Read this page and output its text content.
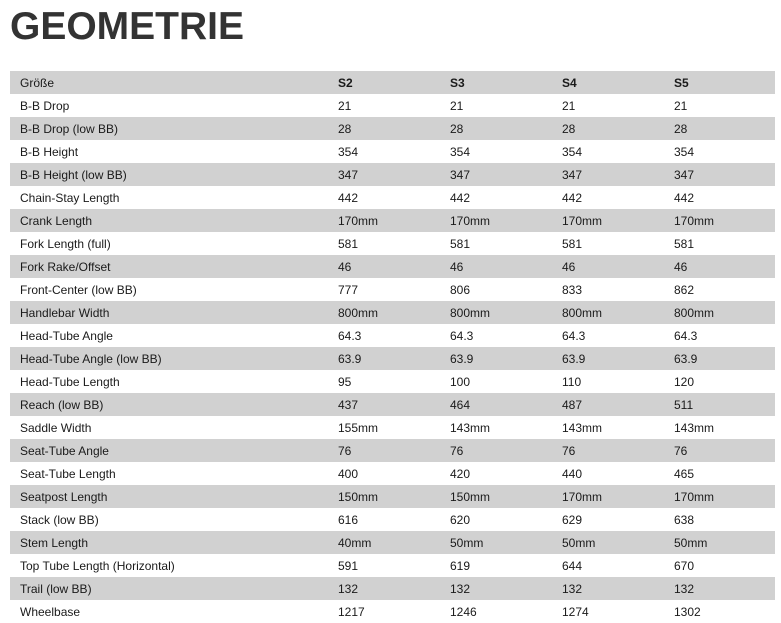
GEOMETRIE
Größe	S2	S3	S4	S5
B-B Drop	21	21	21	21
B-B Drop (low BB)	28	28	28	28
B-B Height	354	354	354	354
B-B Height (low BB)	347	347	347	347
Chain-Stay Length	442	442	442	442
Crank Length	170mm	170mm	170mm	170mm
Fork Length (full)	581	581	581	581
Fork Rake/Offset	46	46	46	46
Front-Center (low BB)	777	806	833	862
Handlebar Width	800mm	800mm	800mm	800mm
Head-Tube Angle	64.3	64.3	64.3	64.3
Head-Tube Angle (low BB)	63.9	63.9	63.9	63.9
Head-Tube Length	95	100	110	120
Reach (low BB)	437	464	487	511
Saddle Width	155mm	143mm	143mm	143mm
Seat-Tube Angle	76	76	76	76
Seat-Tube Length	400	420	440	465
Seatpost Length	150mm	150mm	170mm	170mm
Stack (low BB)	616	620	629	638
Stem Length	40mm	50mm	50mm	50mm
Top Tube Length (Horizontal)	591	619	644	670
Trail (low BB)	132	132	132	132
Wheelbase	1217	1246	1274	1302
